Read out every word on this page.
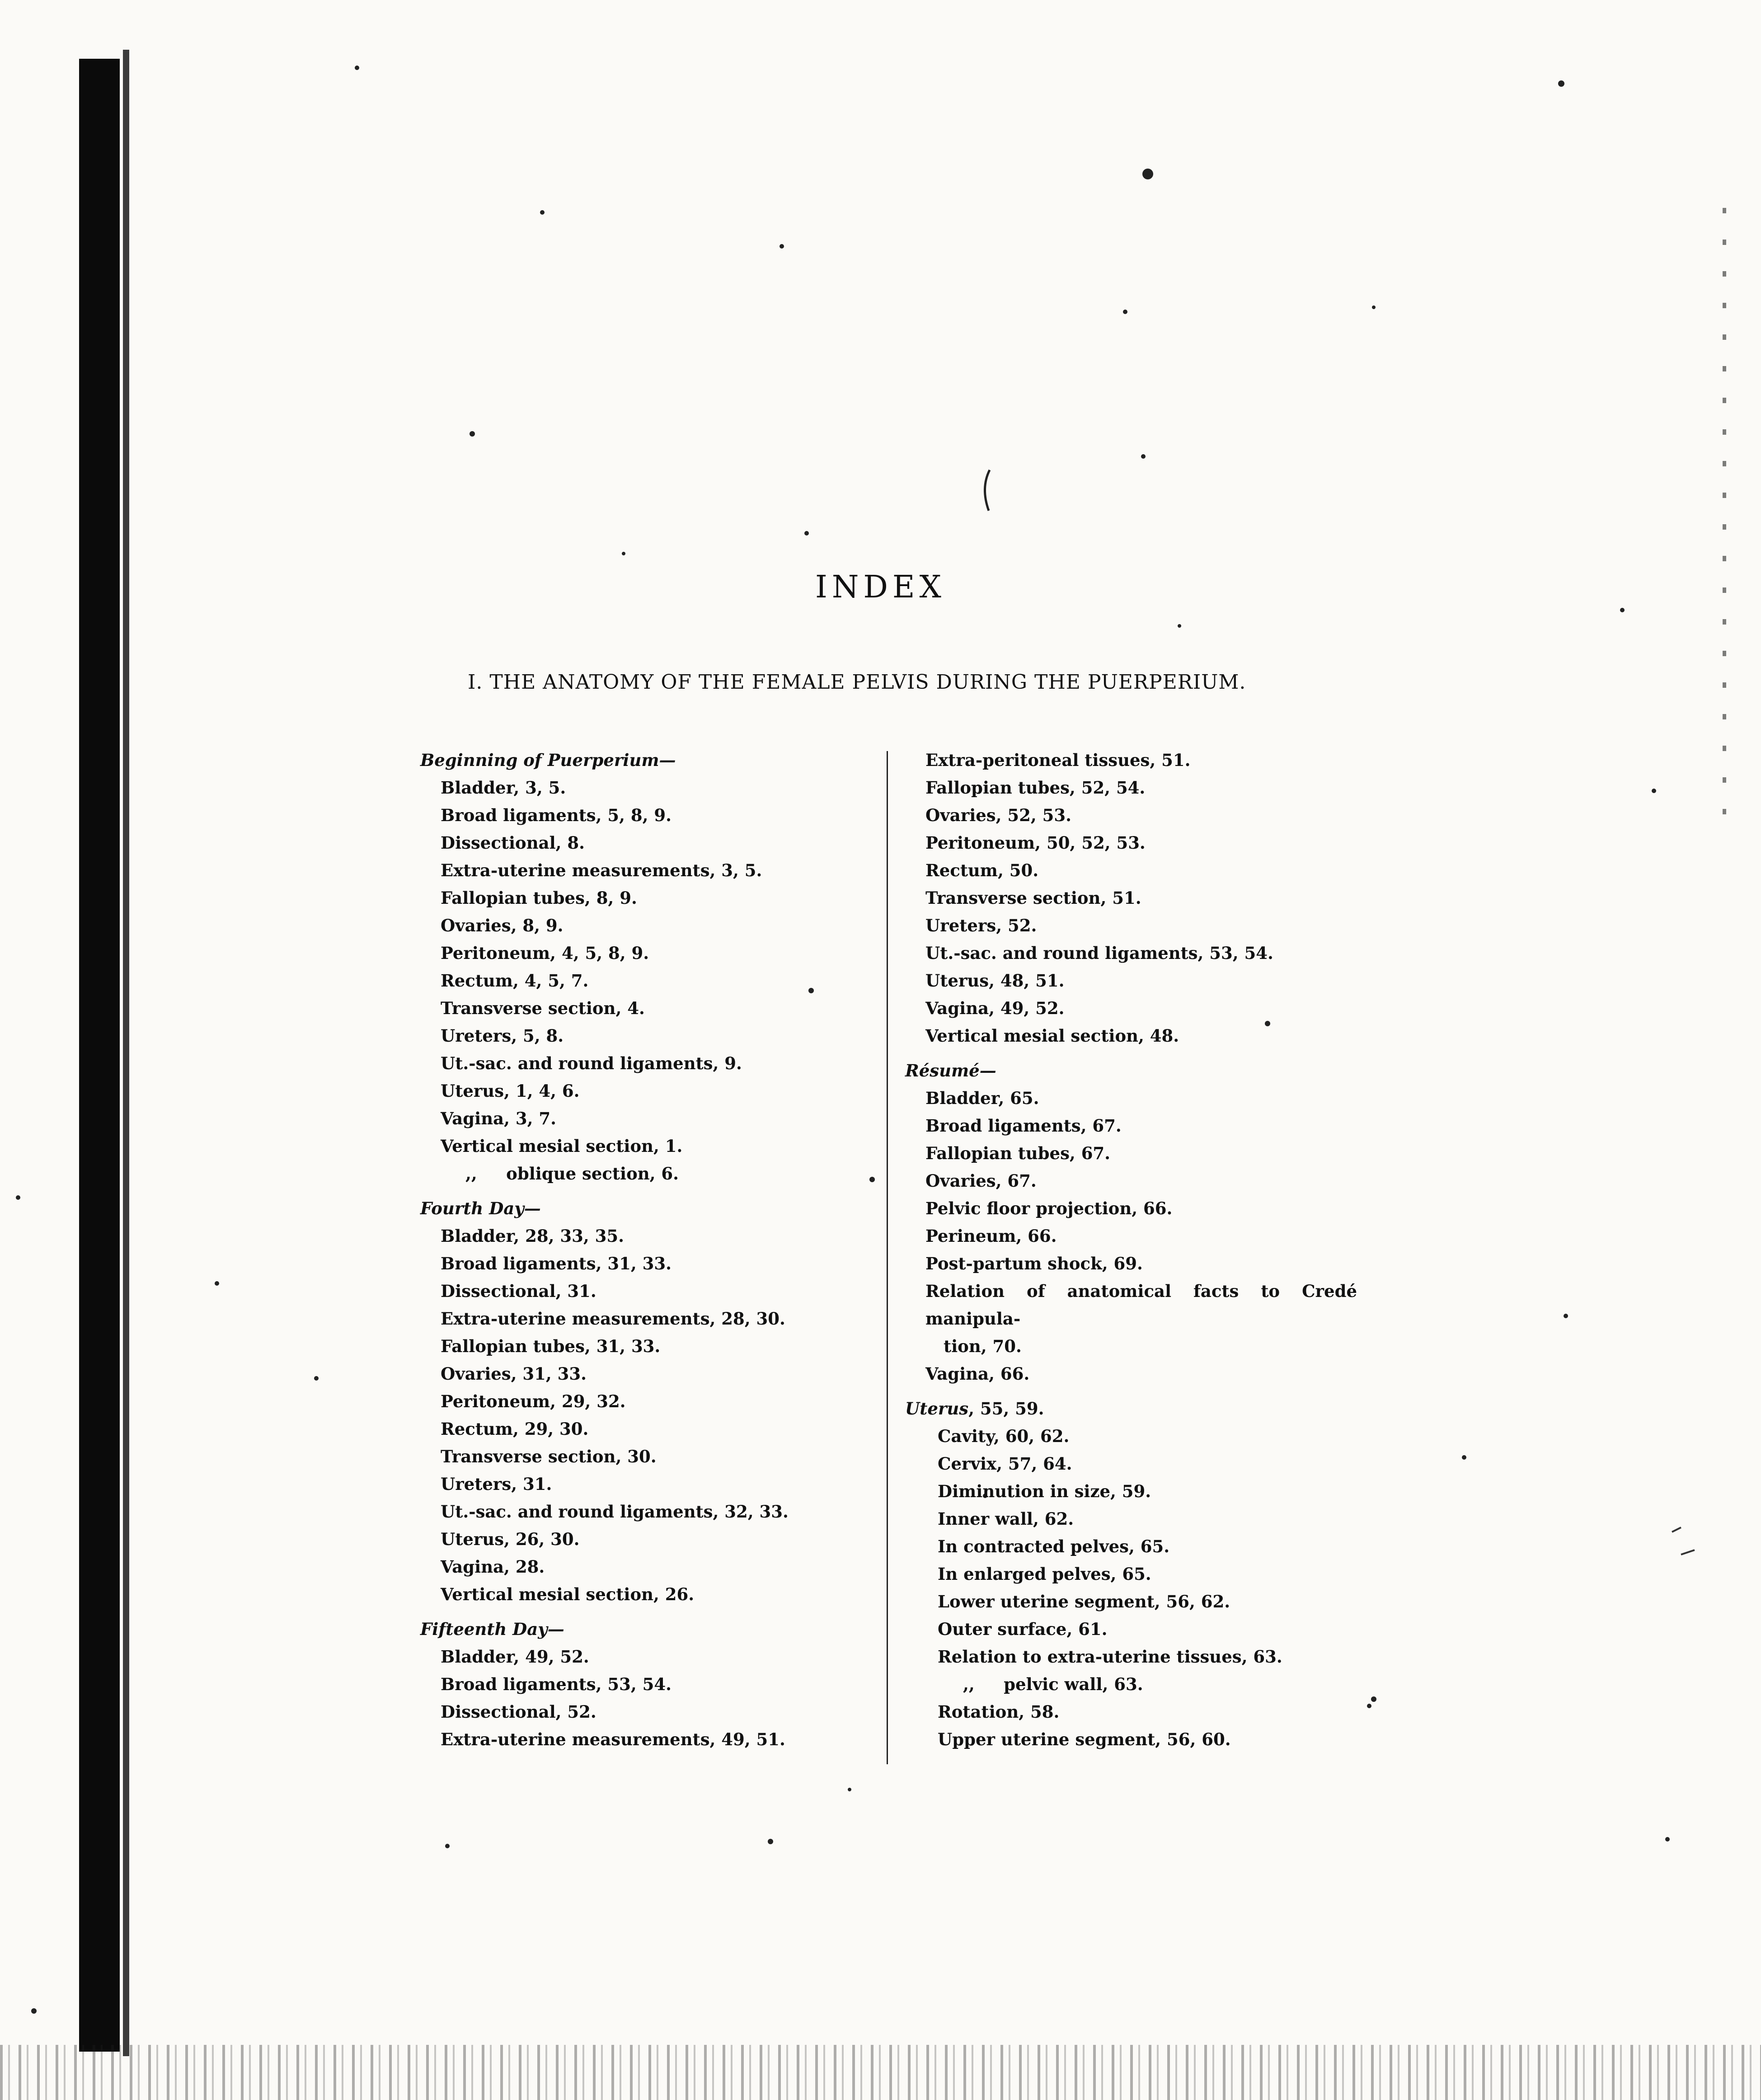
INDEX
I. THE ANATOMY OF THE FEMALE PELVIS DURING THE PUERPERIUM.
Beginning of Puerperium—
Bladder, 3, 5.
Broad ligaments, 5, 8, 9.
Dissectional, 8.
Extra-uterine measurements, 3, 5.
Fallopian tubes, 8, 9.
Ovaries, 8, 9.
Peritoneum, 4, 5, 8, 9.
Rectum, 4, 5, 7.
Transverse section, 4.
Ureters, 5, 8.
Ut.-sac. and round ligaments, 9.
Uterus, 1, 4, 6.
Vagina, 3, 7.
Vertical mesial section, 1.
,,     oblique section, 6.
Fourth Day—
Bladder, 28, 33, 35.
Broad ligaments, 31, 33.
Dissectional, 31.
Extra-uterine measurements, 28, 30.
Fallopian tubes, 31, 33.
Ovaries, 31, 33.
Peritoneum, 29, 32.
Rectum, 29, 30.
Transverse section, 30.
Ureters, 31.
Ut.-sac. and round ligaments, 32, 33.
Uterus, 26, 30.
Vagina, 28.
Vertical mesial section, 26.
Fifteenth Day—
Bladder, 49, 52.
Broad ligaments, 53, 54.
Dissectional, 52.
Extra-uterine measurements, 49, 51.
Extra-peritoneal tissues, 51.
Fallopian tubes, 52, 54.
Ovaries, 52, 53.
Peritoneum, 50, 52, 53.
Rectum, 50.
Transverse section, 51.
Ureters, 52.
Ut.-sac. and round ligaments, 53, 54.
Uterus, 48, 51.
Vagina, 49, 52.
Vertical mesial section, 48.
Résumé—
Bladder, 65.
Broad ligaments, 67.
Fallopian tubes, 67.
Ovaries, 67.
Pelvic floor projection, 66.
Perineum, 66.
Post-partum shock, 69.
Relation of anatomical facts to Credé manipula-
tion, 70.
Vagina, 66.
Uterus, 55, 59.
Cavity, 60, 62.
Cervix, 57, 64.
Diminution in size, 59.
Inner wall, 62.
In contracted pelves, 65.
In enlarged pelves, 65.
Lower uterine segment, 56, 62.
Outer surface, 61.
Relation to extra-uterine tissues, 63.
,,     pelvic wall, 63.
Rotation, 58.
Upper uterine segment, 56, 60.
